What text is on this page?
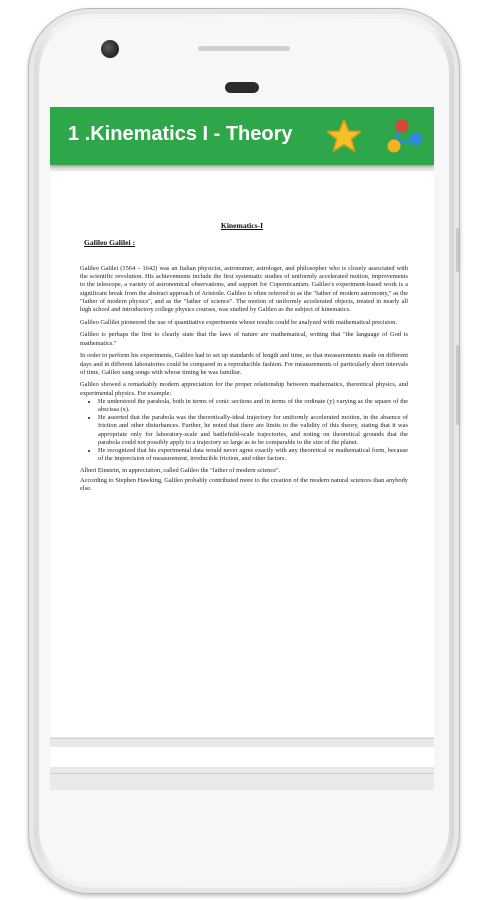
1 .Kinematics I - Theory
Kinematics-I
Galileo Galilei :

Galileo Galilei (1564 – 1642) was an Italian physicist, astronomer, astrologer, and philosopher who is closely associated with the scientific revolution. His achievements include the first systematic studies of uniformly accelerated motion, improvements to the telescope, a variety of astronomical observations, and support for Copernicanism. Galileo's experiment-based work is a significant break from the abstract approach of Aristotle. Galileo is often referred to as the "father of modern astronomy," as the "father of modern physics", and as the "father of science". The motion of uniformly accelerated objects, treated in nearly all high school and introductory college physics courses, was studied by Galileo as the subject of kinematics.

Galileo Gallilei pioneered the use of quantitative experiments whose results could be analyzed with mathematical precision.

Galileo is perhaps the first to clearly state that the laws of nature are mathematical, writing that "the language of God is mathematics."

In order to perform his experiments, Galileo had to set up standards of length and time, so that measurements made on different days and in different laboratories could be compared in a reproducible fashion. For measurements of particularly short intervals of time, Galileo sang songs with whose timing he was familiar.

Galileo showed a remarkably modern appreciation for the proper relationship between mathematics, theoretical physics, and experimental physics. For example:

• He understood the parabola, both in terms of conic sections and in terms of the ordinate (y) varying as the square of the abscissa (x).
• He asserted that the parabola was the theoretically-ideal trajectory for uniformly accelerated motion, in the absence of friction and other disturbances. Further, he noted that there are limits to the validity of this theory, stating that it was appropriate only for laboratory-scale and battlefield-scale trajectories, and noting on theoretical grounds that the parabola could not possibly apply to a trajectory so large as to be comparable to the size of the planet.
• He recognized that his experimental data would never agree exactly with any theoretical or mathematical form, because of the imprecision of measurement, irreducible friction, and other factors.

Albert Einstein, in appreciation, called Galileo the "father of modern science".

According to Stephen Hawking, Galileo probably contributed more to the creation of the modern natural sciences than anybody else.
